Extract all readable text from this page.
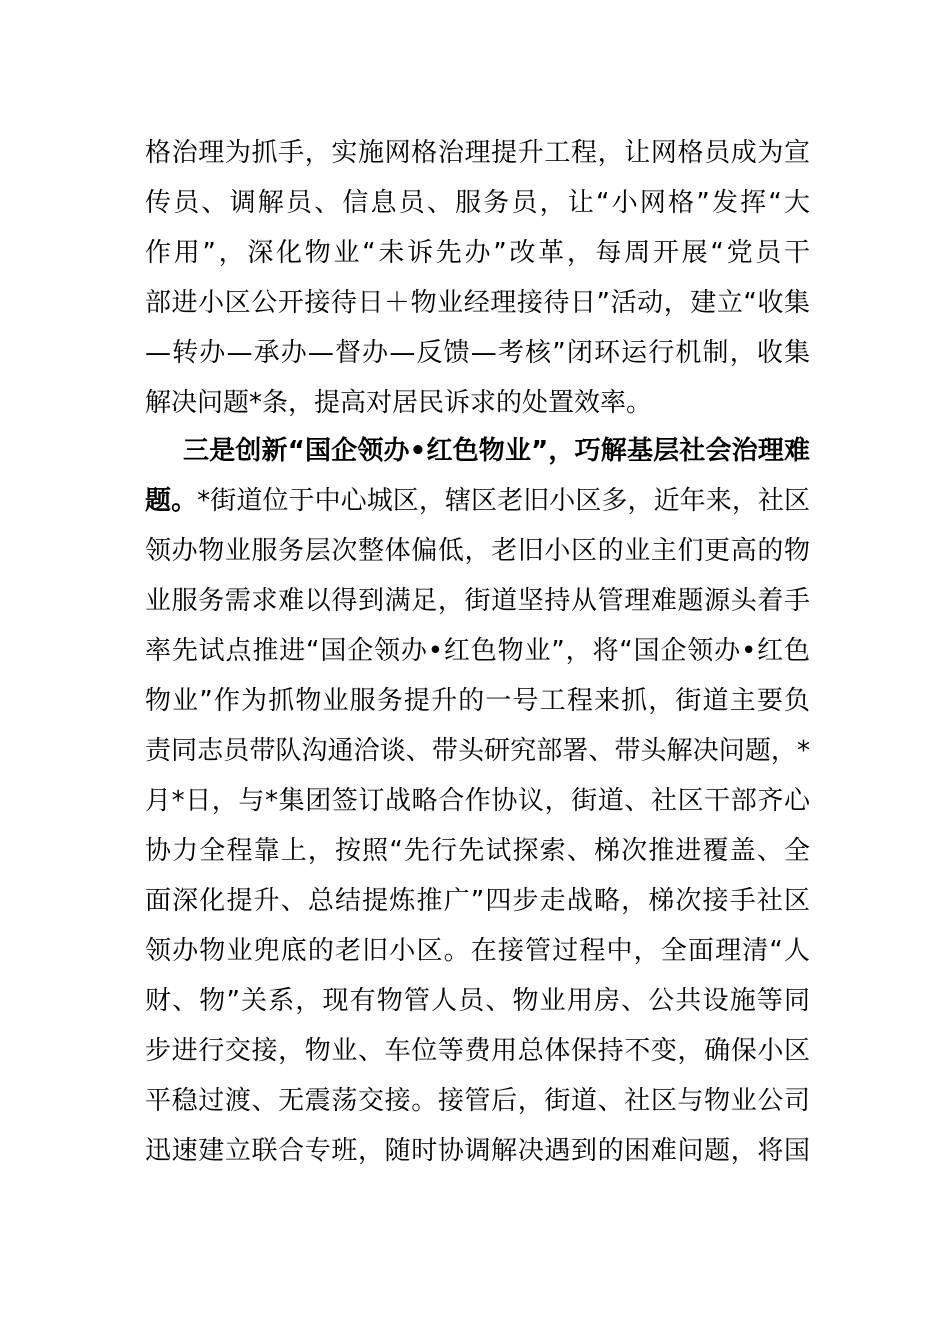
格治理为抓手，实施网格治理提升工程，让网格员成为宣
传员、调解员、信息员、服务员，让“小网格”发挥“大
作用”，深化物业“未诉先办”改革，每周开展“党员干
部进小区公开接待日＋物业经理接待日”活动，建立“收集
—转办—承办—督办—反馈—考核”闭环运行机制，收集
解决问题*条，提高对居民诉求的处置效率。
三是创新“国企领办•红色物业”，巧解基层社会治理难
题。*街道位于中心城区，辖区老旧小区多，近年来，社区
领办物业服务层次整体偏低，老旧小区的业主们更高的物
业服务需求难以得到满足，街道坚持从管理难题源头着手
率先试点推进“国企领办•红色物业”，将“国企领办•红色
物业”作为抓物业服务提升的一号工程来抓，街道主要负
责同志员带队沟通洽谈、带头研究部署、带头解决问题，*
月*日，与*集团签订战略合作协议，街道、社区干部齐心
协力全程靠上，按照“先行先试探索、梯次推进覆盖、全
面深化提升、总结提炼推广”四步走战略，梯次接手社区
领办物业兜底的老旧小区。在接管过程中，全面理清“人
财、物”关系，现有物管人员、物业用房、公共设施等同
步进行交接，物业、车位等费用总体保持不变，确保小区
平稳过渡、无震荡交接。接管后，街道、社区与物业公司
迅速建立联合专班，随时协调解决遇到的困难问题，将国
